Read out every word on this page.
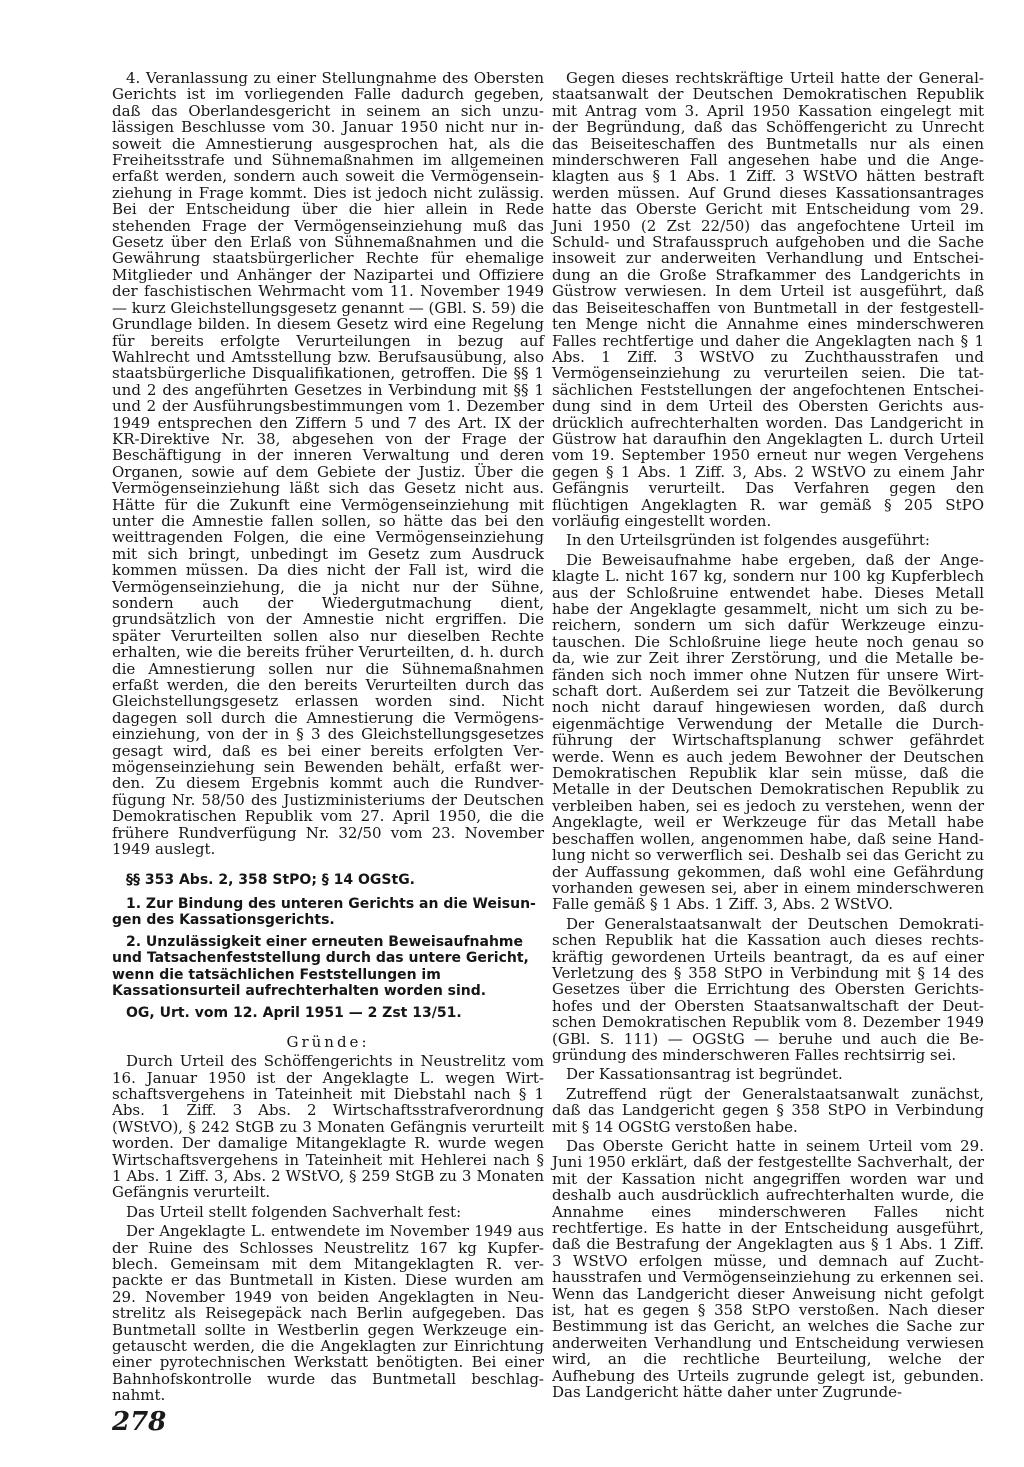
4. Veranlassung zu einer Stellungnahme des Obersten Gerichts ist im vorliegenden Falle dadurch gegeben, daß das Oberlandesgericht in seinem an sich unzulässigen Beschlusse vom 30. Januar 1950 nicht nur insoweit die Amnestierung ausgesprochen hat, als die Freiheitsstrafe und Sühnemaßnahmen im allgemeinen erfaßt werden, sondern auch soweit die Vermögenseinziehung in Frage kommt. Dies ist jedoch nicht zulässig. Bei der Entscheidung über die hier allein in Rede stehenden Frage der Vermögenseinziehung muß das Gesetz über den Erlaß von Sühnemaßnahmen und die Gewährung staatsbürgerlicher Rechte für ehemalige Mitglieder und Anhänger der Nazipartei und Offiziere der faschistischen Wehrmacht vom 11. November 1949 — kurz Gleichstellungsgesetz genannt — (GBl. S. 59) die Grundlage bilden. In diesem Gesetz wird eine Regelung für bereits erfolgte Verurteilungen in bezug auf Wahlrecht und Amtsstellung bzw. Berufsausübung, also staatsbürgerliche Disqualifikationen, getroffen. Die §§ 1 und 2 des angeführten Gesetzes in Verbindung mit §§ 1 und 2 der Ausführungsbestimmungen vom 1. Dezember 1949 entsprechen den Ziffern 5 und 7 des Art. IX der KR-Direktive Nr. 38, abgesehen von der Frage der Beschäftigung in der inneren Verwaltung und deren Organen, sowie auf dem Gebiete der Justiz. Über die Vermögenseinziehung läßt sich das Gesetz nicht aus. Hätte für die Zukunft eine Vermögenseinziehung mit unter die Amnestie fallen sollen, so hätte das bei den weittragenden Folgen, die eine Vermögenseinziehung mit sich bringt, unbedingt im Gesetz zum Ausdruck kommen müssen. Da dies nicht der Fall ist, wird die Vermögenseinziehung, die ja nicht nur der Sühne, sondern auch der Wiedergutmachung dient, grundsätzlich von der Amnestie nicht ergriffen. Die später Verurteilten sollen also nur dieselben Rechte erhalten, wie die bereits früher Verurteilten, d. h. durch die Amnestierung sollen nur die Sühnemaßnahmen erfaßt werden, die den bereits Verurteilten durch das Gleichstellungsgesetz erlassen worden sind. Nicht dagegen soll durch die Amnestierung die Vermögenseinziehung, von der in § 3 des Gleichstellungsgesetzes gesagt wird, daß es bei einer bereits erfolgten Vermögenseinziehung sein Bewenden behält, erfaßt werden. Zu diesem Ergebnis kommt auch die Rundverfügung Nr. 58/50 des Justizministeriums der Deutschen Demokratischen Republik vom 27. April 1950, die die frühere Rundverfügung Nr. 32/50 vom 23. November 1949 auslegt.

§§ 353 Abs. 2, 358 StPO; § 14 OGStG.

1. Zur Bindung des unteren Gerichts an die Weisungen des Kassationsgerichts.

2. Unzulässigkeit einer erneuten Beweisaufnahme und Tatsachenfeststellung durch das untere Gericht, wenn die tatsächlichen Feststellungen im Kassationsurteil aufrechterhalten worden sind.

OG, Urt. vom 12. April 1951 — 2 Zst 13/51.

Gründe:

Durch Urteil des Schöffengerichts in Neustrelitz vom 16. Januar 1950 ist der Angeklagte L. wegen Wirtschaftsvergehens in Tateinheit mit Diebstahl nach § 1 Abs. 1 Ziff. 3 Abs. 2 Wirtschaftsstrafverordnung (WStVO), § 242 StGB zu 3 Monaten Gefängnis verurteilt worden. Der damalige Mitangeklagte R. wurde wegen Wirtschaftsvergehens in Tateinheit mit Hehlerei nach § 1 Abs. 1 Ziff. 3, Abs. 2 WStVO, § 259 StGB zu 3 Monaten Gefängnis verurteilt.

Das Urteil stellt folgenden Sachverhalt fest:

Der Angeklagte L. entwendete im November 1949 aus der Ruine des Schlosses Neustrelitz 167 kg Kupferblech. Gemeinsam mit dem Mitangeklagten R. verpackte er das Buntmetall in Kisten. Diese wurden am 29. November 1949 von beiden Angeklagten in Neustrelitz als Reisegepäck nach Berlin aufgegeben. Das Buntmetall sollte in Westberlin gegen Werkzeuge eingetauscht werden, die die Angeklagten zur Einrichtung einer pyrotechnischen Werkstatt benötigten. Bei einer Bahnhofskontrolle wurde das Buntmetall beschlagnahmt.

Gegen dieses rechtskräftige Urteil hatte der Generalstaatsanwalt der Deutschen Demokratischen Republik mit Antrag vom 3. April 1950 Kassation eingelegt mit der Begründung, daß das Schöffengericht zu Unrecht das Beiseiteschaffen des Buntmetalls nur als einen minderschweren Fall angesehen habe und die Angeklagten aus § 1 Abs. 1 Ziff. 3 WStVO hätten bestraft werden müssen. Auf Grund dieses Kassationsantrages hatte das Oberste Gericht mit Entscheidung vom 29. Juni 1950 (2 Zst 22/50) das angefochtene Urteil im Schuld- und Strafausspruch aufgehoben und die Sache insoweit zur anderweiten Verhandlung und Entscheidung an die Große Strafkammer des Landgerichts in Güstrow verwiesen. In dem Urteil ist ausgeführt, daß das Beiseiteschaffen von Buntmetall in der festgestellten Menge nicht die Annahme eines minderschweren Falles rechtfertige und daher die Angeklagten nach § 1 Abs. 1 Ziff. 3 WStVO zu Zuchthausstrafen und Vermögenseinziehung zu verurteilen seien. Die tatsächlichen Feststellungen der angefochtenen Entscheidung sind in dem Urteil des Obersten Gerichts ausdrücklich aufrechterhalten worden. Das Landgericht in Güstrow hat daraufhin den Angeklagten L. durch Urteil vom 19. September 1950 erneut nur wegen Vergehens gegen § 1 Abs. 1 Ziff. 3, Abs. 2 WStVO zu einem Jahr Gefängnis verurteilt. Das Verfahren gegen den flüchtigen Angeklagten R. war gemäß § 205 StPO vorläufig eingestellt worden.

In den Urteilsgründen ist folgendes ausgeführt:

Die Beweisaufnahme habe ergeben, daß der Angeklagte L. nicht 167 kg, sondern nur 100 kg Kupferblech aus der Schloßruine entwendet habe. Dieses Metall habe der Angeklagte gesammelt, nicht um sich zu bereichern, sondern um sich dafür Werkzeuge einzutauschen. Die Schloßruine liege heute noch genau so da, wie zur Zeit ihrer Zerstörung, und die Metalle befänden sich noch immer ohne Nutzen für unsere Wirtschaft dort. Außerdem sei zur Tatzeit die Bevölkerung noch nicht darauf hingewiesen worden, daß durch eigenmächtige Verwendung der Metalle die Durchführung der Wirtschaftsplanung schwer gefährdet werde. Wenn es auch jedem Bewohner der Deutschen Demokratischen Republik klar sein müsse, daß die Metalle in der Deutschen Demokratischen Republik zu verbleiben haben, sei es jedoch zu verstehen, wenn der Angeklagte, weil er Werkzeuge für das Metall habe beschaffen wollen, angenommen habe, daß seine Handlung nicht so verwerflich sei. Deshalb sei das Gericht zu der Auffassung gekommen, daß wohl eine Gefährdung vorhanden gewesen sei, aber in einem minderschweren Falle gemäß § 1 Abs. 1 Ziff. 3, Abs. 2 WStVO.

Der Generalstaatsanwalt der Deutschen Demokratischen Republik hat die Kassation auch dieses rechtskräftig gewordenen Urteils beantragt, da es auf einer Verletzung des § 358 StPO in Verbindung mit § 14 des Gesetzes über die Errichtung des Obersten Gerichtshofes und der Obersten Staatsanwaltschaft der Deutschen Demokratischen Republik vom 8. Dezember 1949 (GBl. S. 111) — OGStG — beruhe und auch die Begründung des minderschweren Falles rechtsirrig sei.

Der Kassationsantrag ist begründet.

Zutreffend rügt der Generalstaatsanwalt zunächst, daß das Landgericht gegen § 358 StPO in Verbindung mit § 14 OGStG verstoßen habe.

Das Oberste Gericht hatte in seinem Urteil vom 29. Juni 1950 erklärt, daß der festgestellte Sachverhalt, der mit der Kassation nicht angegriffen worden war und deshalb auch ausdrücklich aufrechterhalten wurde, die Annahme eines minderschweren Falles nicht rechtfertige. Es hatte in der Entscheidung ausgeführt, daß die Bestrafung der Angeklagten aus § 1 Abs. 1 Ziff. 3 WStVO erfolgen müsse, und demnach auf Zuchthausstrafen und Vermögenseinziehung zu erkennen sei. Wenn das Landgericht dieser Anweisung nicht gefolgt ist, hat es gegen § 358 StPO verstoßen. Nach dieser Bestimmung ist das Gericht, an welches die Sache zur anderweiten Verhandlung und Entscheidung verwiesen wird, an die rechtliche Beurteilung, welche der Aufhebung des Urteils zugrunde gelegt ist, gebunden. Das Landgericht hätte daher unter Zugrunde-

278
